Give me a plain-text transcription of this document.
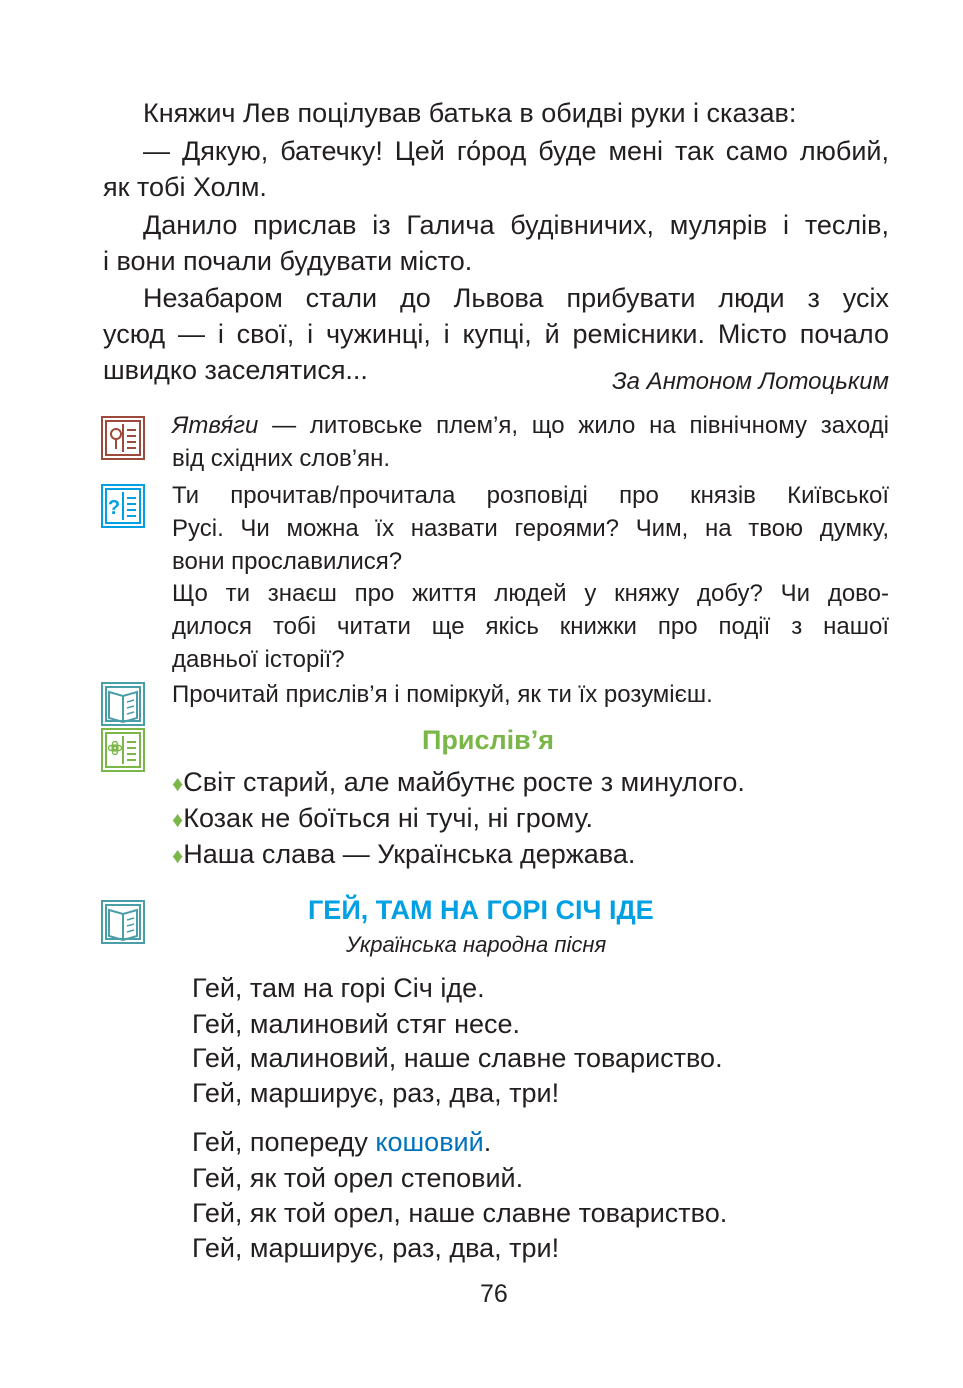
Княжич Лев поцілував батька в обидві руки і сказав:
— Дякую, батечку! Цей го́род буде мені так само любий,
як тобі Холм.
Данило прислав із Галича будівничих, мулярів і теслів,
і вони почали будувати місто.
Незабаром стали до Львова прибувати люди з усіх
усюд — і свої, і чужинці, і купці, й ремісники. Місто почало
швидко заселятися...	За Антоном Лотоцьким
Ятвя́ги — литовське плем’я, що жило на північному заході
від східних слов’ян.
? Ти прочитав/прочитала розповіді про князів Київської
Русі. Чи можна їх назвати героями? Чим, на твою думку,
вони прославилися?
Що ти знаєш про життя людей у княжу добу? Чи дово-
дилося тобі читати ще якісь книжки про події з нашої
давньої історії?
Прочитай прислів’я і поміркуй, як ти їх розумієш.
Прислів’я
♦Світ старий, але майбутнє росте з минулого.
♦Козак не боїться ні тучі, ні грому.
♦Наша слава — Українська держава.
ГЕЙ, ТАМ НА ГОРІ СІЧ ІДЕ
Українська народна пісня
Гей, там на горі Січ іде.
Гей, малиновий стяг несе.
Гей, малиновий, наше славне товариство.
Гей, марширує, раз, два, три!
Гей, попереду кошовий.
Гей, як той орел степовий.
Гей, як той орел, наше славне товариство.
Гей, марширує, раз, два, три!
76
